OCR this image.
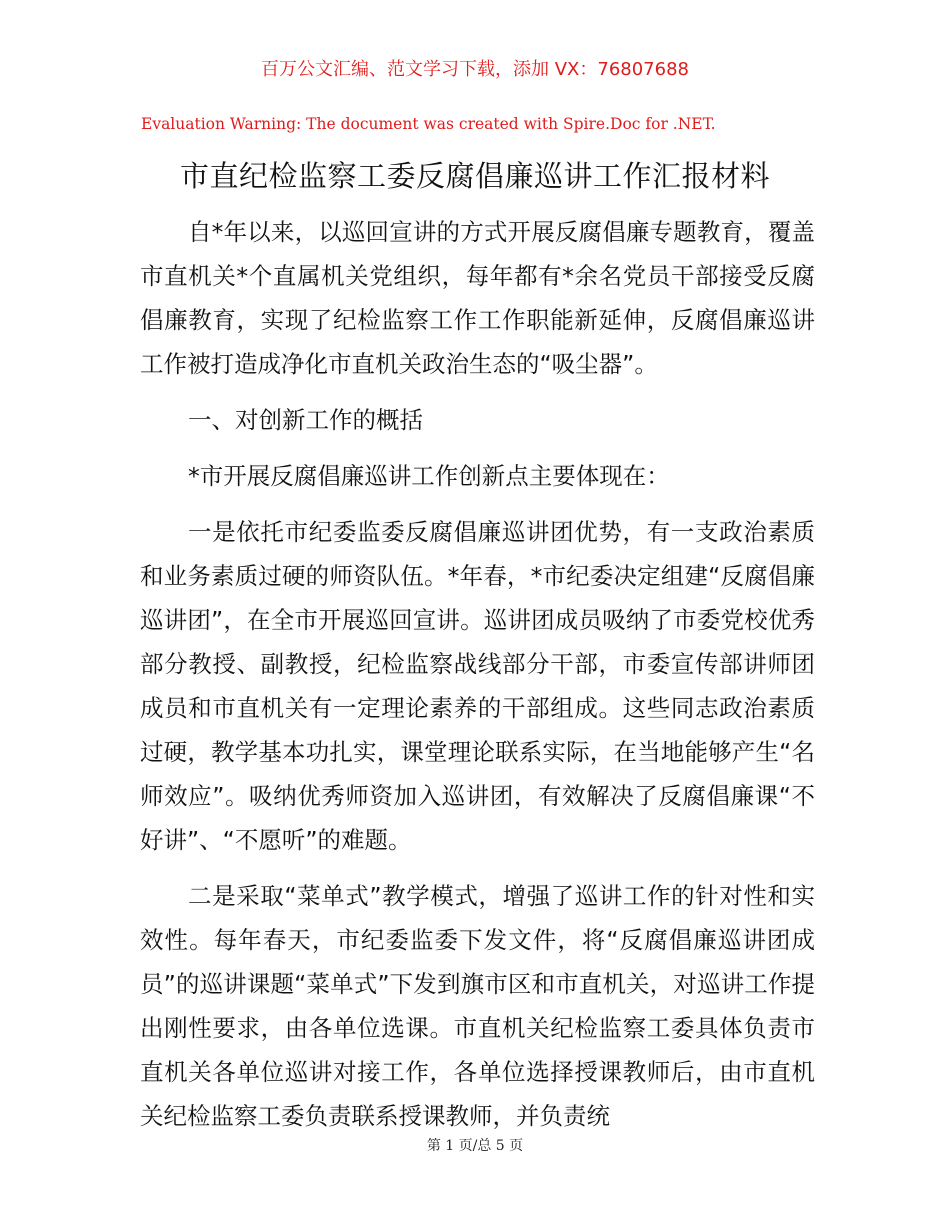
百万公文汇编、范文学习下载，添加 VX：76807688
Evaluation Warning: The document was created with Spire.Doc for .NET.
市直纪检监察工委反腐倡廉巡讲工作汇报材料

自*年以来，以巡回宣讲的方式开展反腐倡廉专题教育，覆盖市直机关*个直属机关党组织，每年都有*余名党员干部接受反腐倡廉教育，实现了纪检监察工作工作职能新延伸，反腐倡廉巡讲工作被打造成净化市直机关政治生态的“吸尘器”。

一、对创新工作的概括

*市开展反腐倡廉巡讲工作创新点主要体现在：

一是依托市纪委监委反腐倡廉巡讲团优势，有一支政治素质和业务素质过硬的师资队伍。*年春，*市纪委决定组建“反腐倡廉巡讲团”，在全市开展巡回宣讲。巡讲团成员吸纳了市委党校优秀部分教授、副教授，纪检监察战线部分干部，市委宣传部讲师团成员和市直机关有一定理论素养的干部组成。这些同志政治素质过硬，教学基本功扎实，课堂理论联系实际，在当地能够产生“名师效应”。吸纳优秀师资加入巡讲团，有效解决了反腐倡廉课“不好讲”、“不愿听”的难题。

二是采取“菜单式”教学模式，增强了巡讲工作的针对性和实效性。每年春天，市纪委监委下发文件，将“反腐倡廉巡讲团成员”的巡讲课题“菜单式”下发到旗市区和市直机关，对巡讲工作提出刚性要求，由各单位选课。市直机关纪检监察工委具体负责市直机关各单位巡讲对接工作，各单位选择授课教师后，由市直机关纪检监察工委负责联系授课教师，并负责统

第 1 页/总 5 页
